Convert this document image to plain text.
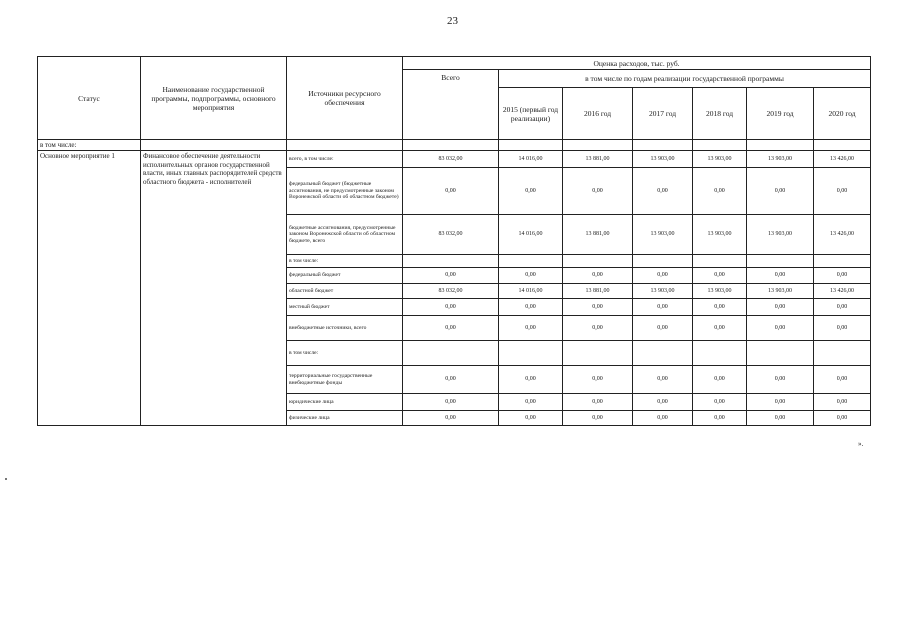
23
Статус	Наименование государственной программы, подпрограммы, основного мероприятия	Источники ресурсного обеспечения	Оценка расходов, тыс. руб.						
			Всего	в том числе по годам реализации государственной программы					
				2015 (первый год реализации)	2016 год	2017 год	2018 год	2019 год	2020 год
в том числе:									
Основное мероприятие 1	Финансовое обеспечение деятельности исполнительных органов государственной власти, иных главных распорядителей средств областного бюджета - исполнителей	всего, в том числе:	83 032,00	14 016,00	13 881,00	13 903,00	13 903,00	13 903,00	13 426,00
		федеральный бюджет (бюджетные ассигнования, не предусмотренные законом Воронежской области об областном бюджете)	0,00	0,00	0,00	0,00	0,00	0,00	0,00
		бюджетные ассигнования, предусмотренные законом Воронежской области об областном бюджете, всего	83 032,00	14 016,00	13 881,00	13 903,00	13 903,00	13 903,00	13 426,00
		в том числе:							
		федеральный бюджет	0,00	0,00	0,00	0,00	0,00	0,00	0,00
		областной бюджет	83 032,00	14 016,00	13 881,00	13 903,00	13 903,00	13 903,00	13 426,00
		местный бюджет	0,00	0,00	0,00	0,00	0,00	0,00	0,00
		внебюджетные источники, всего	0,00	0,00	0,00	0,00	0,00	0,00	0,00
		в том числе:							
		территориальные государственные внебюджетные фонды	0,00	0,00	0,00	0,00	0,00	0,00	0,00
		юридические лица	0,00	0,00	0,00	0,00	0,00	0,00	0,00
		физические лица	0,00	0,00	0,00	0,00	0,00	0,00	0,00
».
